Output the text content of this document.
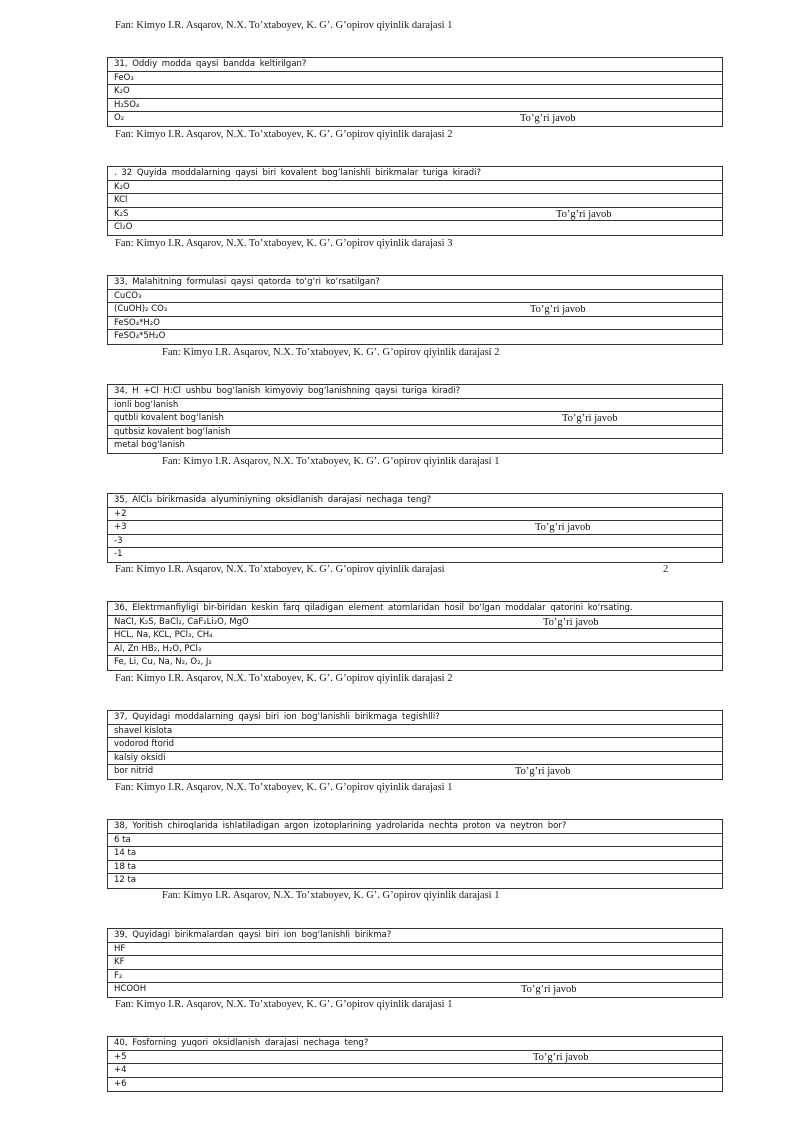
Fan: Kimyo I.R. Asqarov, N.X. To’xtaboyev, K. G’. G’opirov qiyinlik darajasi 1
31, Oddiy modda qaysi bandda keltirilgan?
FeO₃
K₂O
H₂SO₄
O₂	To’g’ri javob
Fan: Kimyo I.R. Asqarov, N.X. To’xtaboyev, K. G’. G’opirov qiyinlik darajasi 2
. 32 Quyida moddalarning qaysi biri kovalent bog’lanishli birikmalar turiga kiradi?
K₂O
KCl
K₂S	To’g’ri javob
Cl₂O
Fan: Kimyo I.R. Asqarov, N.X. To’xtaboyev, K. G’. G’opirov qiyinlik darajasi 3
33, Malahitning formulasi qaysi qatorda to‘g‘ri ko‘rsatilgan?
CuCO₃
(CuOH)₂ CO₃	To’g’ri javob
FeSO₄*H₂O
FeSO₄*5H₂O
Fan: Kimyo I.R. Asqarov, N.X. To’xtaboyev, K. G’. G’opirov qiyinlik darajasi 2
34, H +Cl H:Cl ushbu bog‘lanish kimyoviy bog‘lanishning qaysi turiga kiradi?
ionli bog‘lanish
qutbli kovalent bog‘lanish	To’g’ri javob
qutbsiz kovalent bog‘lanish
metal bog‘lanish
Fan: Kimyo I.R. Asqarov, N.X. To’xtaboyev, K. G’. G’opirov qiyinlik darajasi 1
35, AlCl₃ birikmasida alyuminiyning oksidlanish darajasi nechaga teng?
+2
+3	To’g’ri javob
-3
-1
Fan: Kimyo I.R. Asqarov, N.X. To’xtaboyev, K. G’. G’opirov qiyinlik darajasi	2
36, Elektrmanfiyligi bir-biridan keskin farq qiladigan element atomlaridan hosil bo‘lgan moddalar qatorini ko‘rsating.
NaCl, K₂S, BaCl₂, CaF₂Li₂O, MgO	To’g’ri javob
HCL, Na, KCL, PCl₃, CH₄
Al, Zn HB₂, H₂O, PCl₃
Fe, Li, Cu, Na, N₂, O₂, J₂
Fan: Kimyo I.R. Asqarov, N.X. To’xtaboyev, K. G’. G’opirov qiyinlik darajasi 2
37, Quyidagi moddalarning qaysi biri ion bog‘lanishli birikmaga tegishlli?
shavel kislota
vodorod ftorid
kalsiy oksidi
bor nitrid	To’g’ri javob
Fan: Kimyo I.R. Asqarov, N.X. To’xtaboyev, K. G’. G’opirov qiyinlik darajasi 1
38, Yoritish chiroqlarida ishlatiladigan argon izotoplarining yadrolarida nechta proton va neytron bor?
6 ta
14 ta
18 ta
12 ta
Fan: Kimyo I.R. Asqarov, N.X. To’xtaboyev, K. G’. G’opirov qiyinlik darajasi 1
39, Quyidagi birikmalardan qaysi biri ion bog‘lanishli birikma?
HF
KF
F₂
HCOOH	To’g’ri javob
Fan: Kimyo I.R. Asqarov, N.X. To’xtaboyev, K. G’. G’opirov qiyinlik darajasi 1
40, Fosforning yuqori oksidlanish darajasi nechaga teng?
+5	To’g’ri javob
+4
+6
